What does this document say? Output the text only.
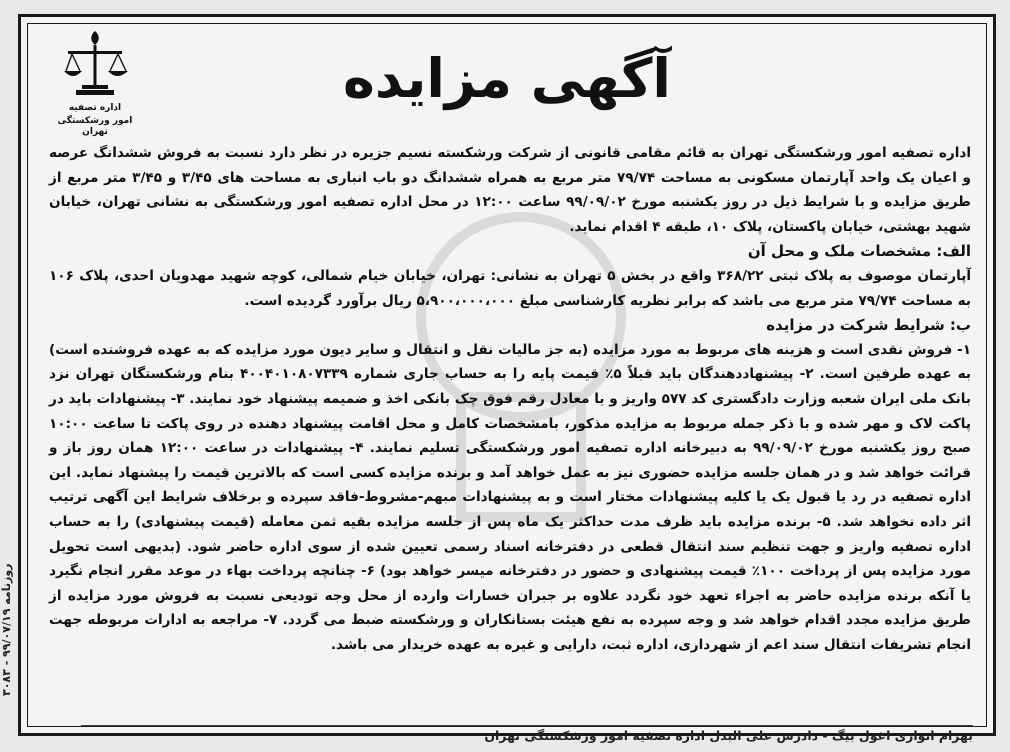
اداره تصفیه
امور ورشکستگی تهران
آگهی مزایده

اداره تصفیه امور ورشکستگی تهران به قائم مقامی قانونی از شرکت ورشکسته نسیم جزیره در نظر دارد نسبت به فروش ششدانگ عرصه و اعیان یک واحد آپارتمان مسکونی به مساحت ۷۹/۷۴ متر مربع به همراه ششدانگ دو باب انباری به مساحت های ۳/۴۵ و ۳/۴۵ متر مربع از طریق مزایده و با شرایط ذیل در روز یکشنبه مورخ ۹۹/۰۹/۰۲ ساعت ۱۲:۰۰ در محل اداره تصفیه امور ورشکستگی به نشانی تهران، خیابان شهید بهشتی، خیابان پاکستان، پلاک ۱۰، طبقه ۴ اقدام نماید.

الف: مشخصات ملک و محل آن

آپارتمان موصوف به پلاک ثبتی ۳۶۸/۲۲ واقع در بخش ۵ تهران به نشانی: تهران، خیابان خیام شمالی، کوچه شهید مهدویان احدی، پلاک ۱۰۶ به مساحت ۷۹/۷۴ متر مربع می باشد که برابر نظریه کارشناسی مبلغ ۵،۹۰۰،۰۰۰،۰۰۰ ریال برآورد گردیده است.

ب: شرایط شرکت در مزایده

۱- فروش نقدی است و هزینه های مربوط به مورد مزایده (به جز مالیات نقل و انتقال و سایر دیون مورد مزایده که به عهده فروشنده است) به عهده طرفین است. ۲- پیشنهاددهندگان باید قبلاً ۵٪ قیمت پایه را به حساب جاری شماره ۴۰۰۴۰۱۰۸۰۷۳۳۹ بنام ورشکستگان تهران نزد بانک ملی ایران شعبه وزارت دادگستری کد ۵۷۷ واریز و یا معادل رقم فوق چک بانکی اخذ و ضمیمه پیشنهاد خود نمایند. ۳- پیشنهادات باید در پاکت لاک و مهر شده و با ذکر جمله مربوط به مزایده مذکور، بامشخصات کامل و محل اقامت پیشنهاد دهنده در روی پاکت تا ساعت ۱۰:۰۰ صبح روز یکشنبه مورخ ۹۹/۰۹/۰۲ به دبیرخانه اداره تصفیه امور ورشکستگی تسلیم نمایند. ۴- پیشنهادات در ساعت ۱۲:۰۰ همان روز باز و قرائت خواهد شد و در همان جلسه مزایده حضوری نیز به عمل خواهد آمد و برنده مزایده کسی است که بالاترین قیمت را پیشنهاد نماید. این اداره تصفیه در رد یا قبول یک یا کلیه پیشنهادات مختار است و به پیشنهادات مبهم-مشروط-فاقد سپرده و برخلاف شرایط این آگهی ترتیب اثر داده نخواهد شد. ۵- برنده مزایده باید ظرف مدت حداکثر یک ماه پس از جلسه مزایده بقیه ثمن معامله (قیمت پیشنهادی) را به حساب اداره تصفیه واریز و جهت تنظیم سند انتقال قطعی در دفترخانه اسناد رسمی تعیین شده از سوی اداره حاضر شود. (بدیهی است تحویل مورد مزایده پس از پرداخت ۱۰۰٪ قیمت پیشنهادی و حضور در دفترخانه میسر خواهد بود) ۶- چنانچه پرداخت بهاء در موعد مقرر انجام نگیرد یا آنکه برنده مزایده حاضر به اجراء تعهد خود نگردد علاوه بر جبران خسارات وارده از محل وجه تودیعی نسبت به فروش مورد مزایده از طریق مزایده مجدد اقدام خواهد شد و وجه سپرده به نفع هیئت بستانکاران و ورشکسته ضبط می گردد. ۷- مراجعه به ادارات مربوطه جهت انجام تشریفات انتقال سند اعم از شهرداری، اداره ثبت، دارایی و غیره به عهده خریدار می باشد.

بهرام انواری اغول بیگ - دادرس علی البدل اداره تصفیه امور ورشکستگی تهران
روزنامه ۹۹/۰۷/۱۹ - ۳۰۸۳
